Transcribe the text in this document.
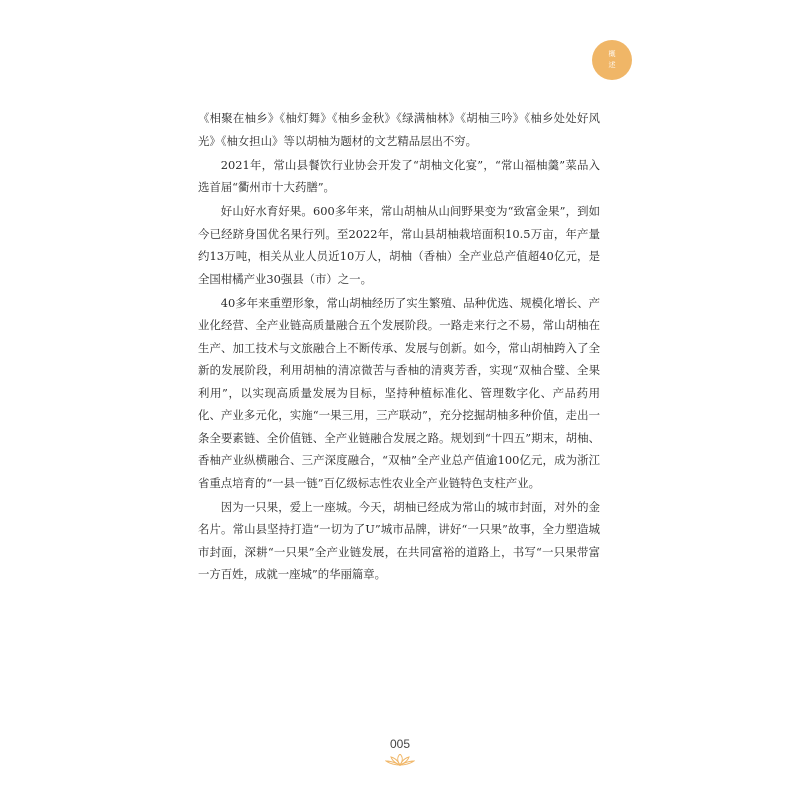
概
述

《相聚在柚乡》《柚灯舞》《柚乡金秋》《绿满柚林》《胡柚三吟》《柚乡处处好风光》《柚女担山》等以胡柚为题材的文艺精品层出不穷。

2021年，常山县餐饮行业协会开发了“胡柚文化宴”，“常山福柚羹”菜品入选首届“衢州市十大药膳”。

好山好水育好果。600多年来，常山胡柚从山间野果变为“致富金果”，到如今已经跻身国优名果行列。至2022年，常山县胡柚栽培面积10.5万亩，年产量约13万吨，相关从业人员近10万人，胡柚（香柚）全产业总产值超40亿元，是全国柑橘产业30强县（市）之一。

40多年来重塑形象，常山胡柚经历了实生繁殖、品种优选、规模化增长、产业化经营、全产业链高质量融合五个发展阶段。一路走来行之不易，常山胡柚在生产、加工技术与文旅融合上不断传承、发展与创新。如今，常山胡柚跨入了全新的发展阶段，利用胡柚的清凉微苦与香柚的清爽芳香，实现“双柚合璧、全果利用”，以实现高质量发展为目标，坚持种植标准化、管理数字化、产品药用化、产业多元化，实施“一果三用，三产联动”，充分挖掘胡柚多种价值，走出一条全要素链、全价值链、全产业链融合发展之路。规划到“十四五”期末，胡柚、香柚产业纵横融合、三产深度融合，“双柚”全产业总产值逾100亿元，成为浙江省重点培育的“一县一链”百亿级标志性农业全产业链特色支柱产业。

因为一只果，爱上一座城。今天，胡柚已经成为常山的城市封面，对外的金名片。常山县坚持打造“一切为了U”城市品牌，讲好“一只果”故事，全力塑造城市封面，深耕“一只果”全产业链发展，在共同富裕的道路上，书写“一只果带富一方百姓，成就一座城”的华丽篇章。

005
